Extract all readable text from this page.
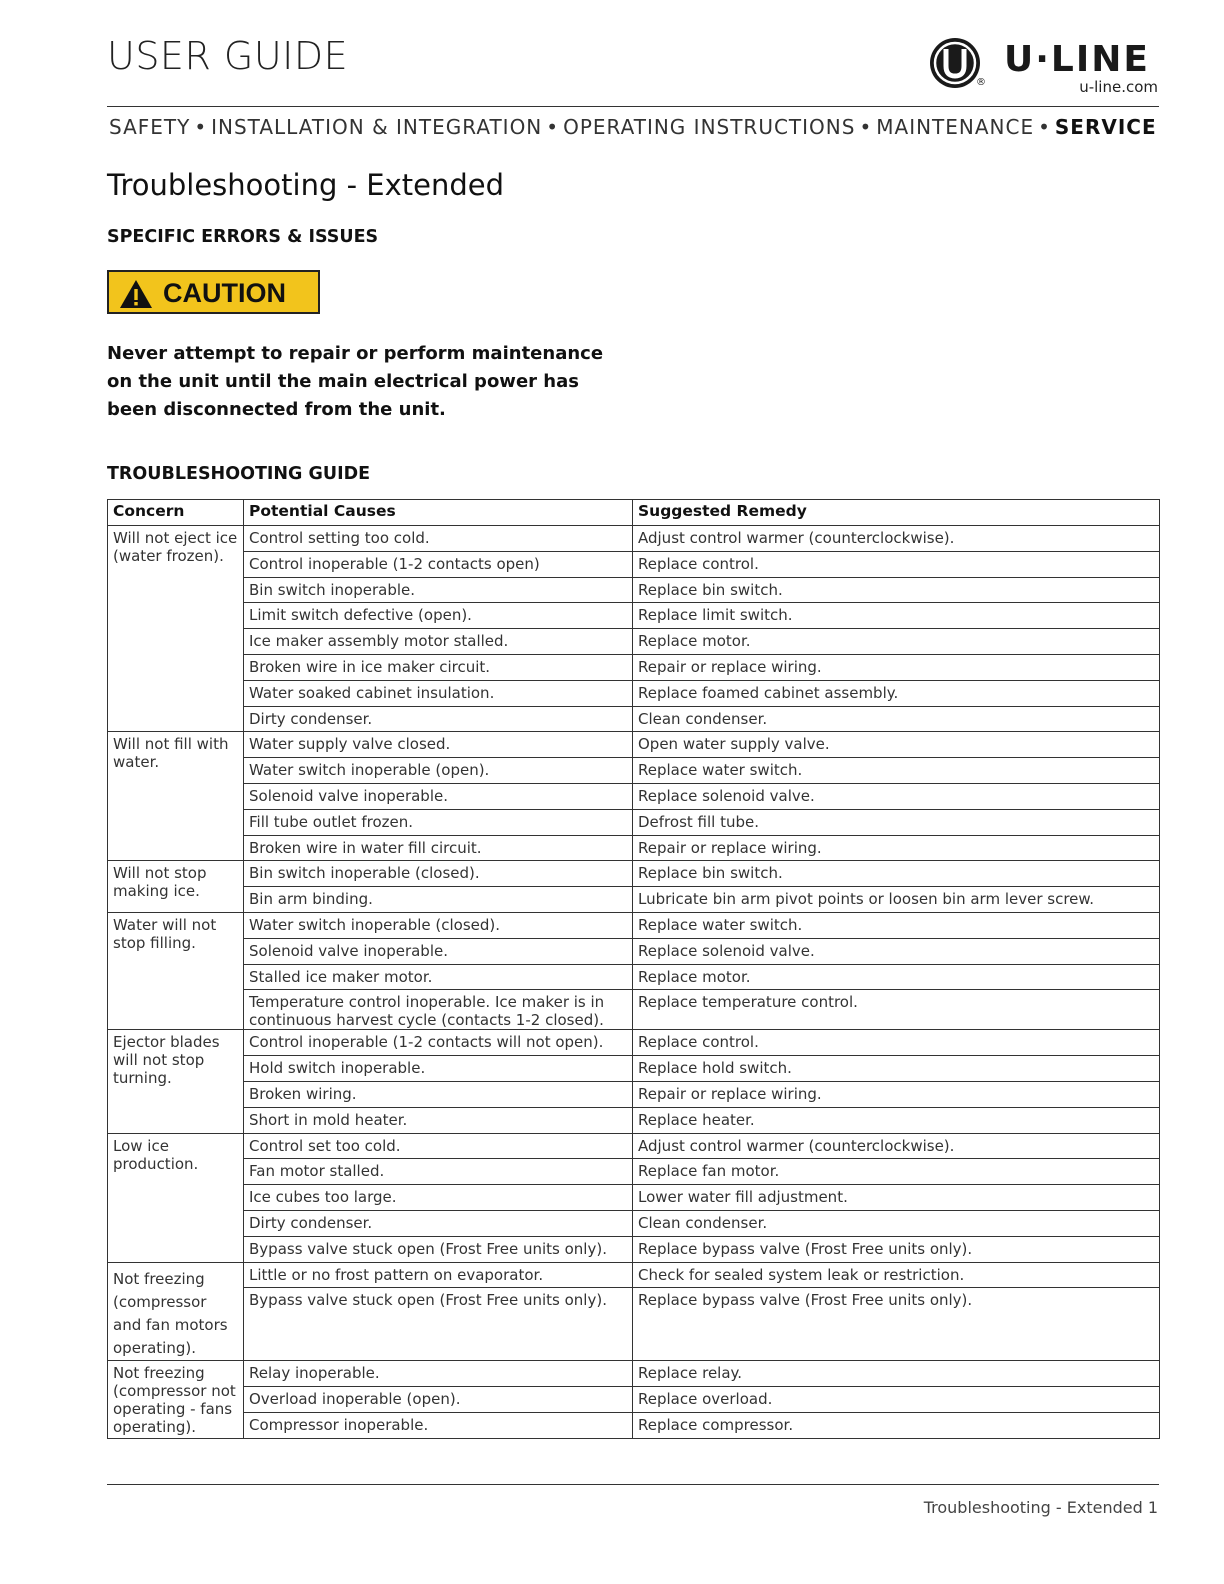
USER GUIDE
®
U·LINE
u-line.com
SAFETY • INSTALLATION & INTEGRATION • OPERATING INSTRUCTIONS • MAINTENANCE • SERVICE
Troubleshooting - Extended
SPECIFIC ERRORS & ISSUES
CAUTION
Never attempt to repair or perform maintenance
on the unit until the main electrical power has
been disconnected from the unit.
TROUBLESHOOTING GUIDE
Concern	Potential Causes	Suggested Remedy
Will not eject ice (water frozen).	Control setting too cold.	Adjust control warmer (counterclockwise).
	Control inoperable (1-2 contacts open)	Replace control.
	Bin switch inoperable.	Replace bin switch.
	Limit switch defective (open).	Replace limit switch.
	Ice maker assembly motor stalled.	Replace motor.
	Broken wire in ice maker circuit.	Repair or replace wiring.
	Water soaked cabinet insulation.	Replace foamed cabinet assembly.
	Dirty condenser.	Clean condenser.
Will not fill with water.	Water supply valve closed.	Open water supply valve.
	Water switch inoperable (open).	Replace water switch.
	Solenoid valve inoperable.	Replace solenoid valve.
	Fill tube outlet frozen.	Defrost fill tube.
	Broken wire in water fill circuit.	Repair or replace wiring.
Will not stop making ice.	Bin switch inoperable (closed).	Replace bin switch.
	Bin arm binding.	Lubricate bin arm pivot points or loosen bin arm lever screw.
Water will not stop filling.	Water switch inoperable (closed).	Replace water switch.
	Solenoid valve inoperable.	Replace solenoid valve.
	Stalled ice maker motor.	Replace motor.
	Temperature control inoperable. Ice maker is in continuous harvest cycle (contacts 1-2 closed).	Replace temperature control.
Ejector blades will not stop turning.	Control inoperable (1-2 contacts will not open).	Replace control.
	Hold switch inoperable.	Replace hold switch.
	Broken wiring.	Repair or replace wiring.
	Short in mold heater.	Replace heater.
Low ice production.	Control set too cold.	Adjust control warmer (counterclockwise).
	Fan motor stalled.	Replace fan motor.
	Ice cubes too large.	Lower water fill adjustment.
	Dirty condenser.	Clean condenser.
	Bypass valve stuck open (Frost Free units only).	Replace bypass valve (Frost Free units only).
Not freezing (compressor and fan motors operating).	Little or no frost pattern on evaporator.	Check for sealed system leak or restriction.
	Bypass valve stuck open (Frost Free units only).	Replace bypass valve (Frost Free units only).
Not freezing (compressor not operating - fans operating).	Relay inoperable.	Replace relay.
	Overload inoperable (open).	Replace overload.
	Compressor inoperable.	Replace compressor.
Troubleshooting - Extended 1
